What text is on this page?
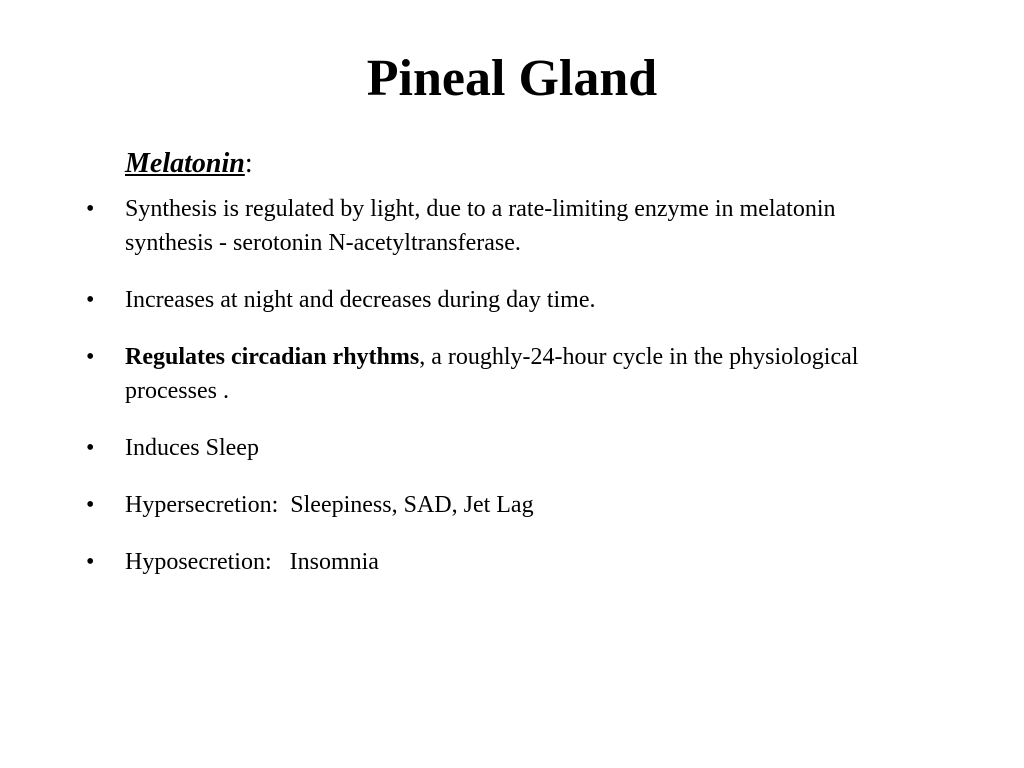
Pineal Gland
Melatonin:
• Synthesis is regulated by light, due to a rate-limiting enzyme in melatonin synthesis - serotonin N-acetyltransferase.
• Increases at night and decreases during day time.
• Regulates circadian rhythms, a roughly-24-hour cycle in the physiological processes .
• Induces Sleep
• Hypersecretion:  Sleepiness, SAD, Jet Lag
• Hyposecretion:   Insomnia
